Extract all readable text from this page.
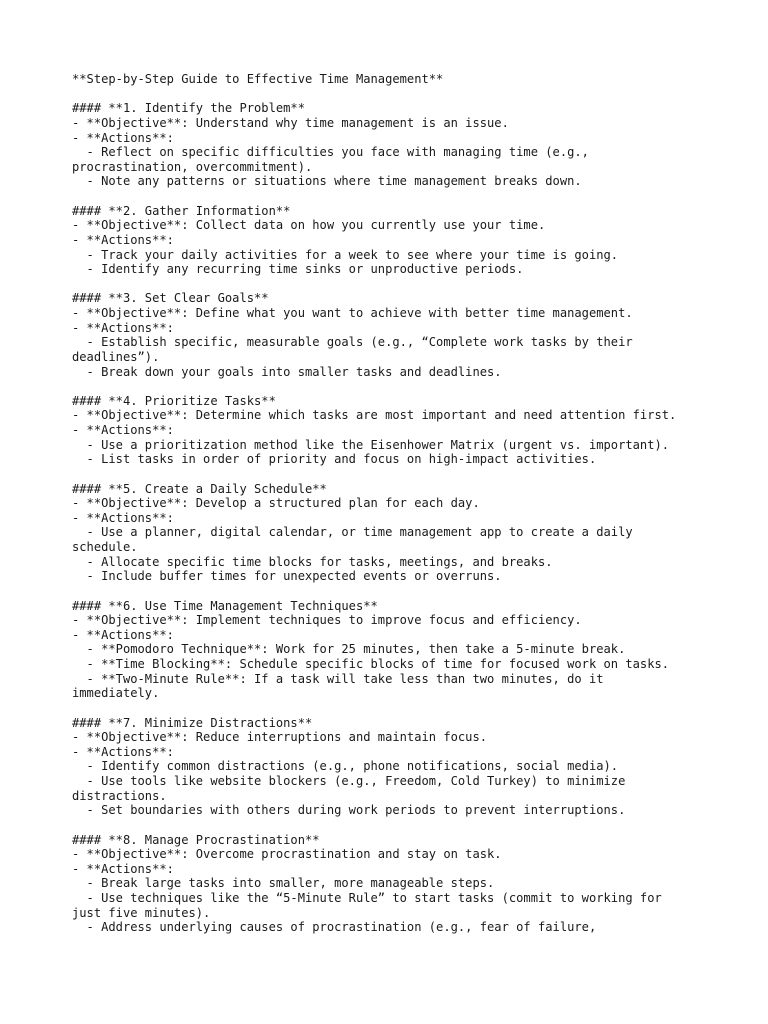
**Step-by-Step Guide to Effective Time Management**
#### **1. Identify the Problem**
- **Objective**: Understand why time management is an issue.
- **Actions**:
- Reflect on specific difficulties you face with managing time (e.g.,
procrastination, overcommitment).
- Note any patterns or situations where time management breaks down.
#### **2. Gather Information**
- **Objective**: Collect data on how you currently use your time.
- **Actions**:
- Track your daily activities for a week to see where your time is going.
- Identify any recurring time sinks or unproductive periods.
#### **3. Set Clear Goals**
- **Objective**: Define what you want to achieve with better time management.
- **Actions**:
- Establish specific, measurable goals (e.g., “Complete work tasks by their
deadlines”).
- Break down your goals into smaller tasks and deadlines.
#### **4. Prioritize Tasks**
- **Objective**: Determine which tasks are most important and need attention first.
- **Actions**:
- Use a prioritization method like the Eisenhower Matrix (urgent vs. important).
- List tasks in order of priority and focus on high-impact activities.
#### **5. Create a Daily Schedule**
- **Objective**: Develop a structured plan for each day.
- **Actions**:
- Use a planner, digital calendar, or time management app to create a daily
schedule.
- Allocate specific time blocks for tasks, meetings, and breaks.
- Include buffer times for unexpected events or overruns.
#### **6. Use Time Management Techniques**
- **Objective**: Implement techniques to improve focus and efficiency.
- **Actions**:
- **Pomodoro Technique**: Work for 25 minutes, then take a 5-minute break.
- **Time Blocking**: Schedule specific blocks of time for focused work on tasks.
- **Two-Minute Rule**: If a task will take less than two minutes, do it
immediately.
#### **7. Minimize Distractions**
- **Objective**: Reduce interruptions and maintain focus.
- **Actions**:
- Identify common distractions (e.g., phone notifications, social media).
- Use tools like website blockers (e.g., Freedom, Cold Turkey) to minimize
distractions.
- Set boundaries with others during work periods to prevent interruptions.
#### **8. Manage Procrastination**
- **Objective**: Overcome procrastination and stay on task.
- **Actions**:
- Break large tasks into smaller, more manageable steps.
- Use techniques like the “5-Minute Rule” to start tasks (commit to working for
just five minutes).
- Address underlying causes of procrastination (e.g., fear of failure,
